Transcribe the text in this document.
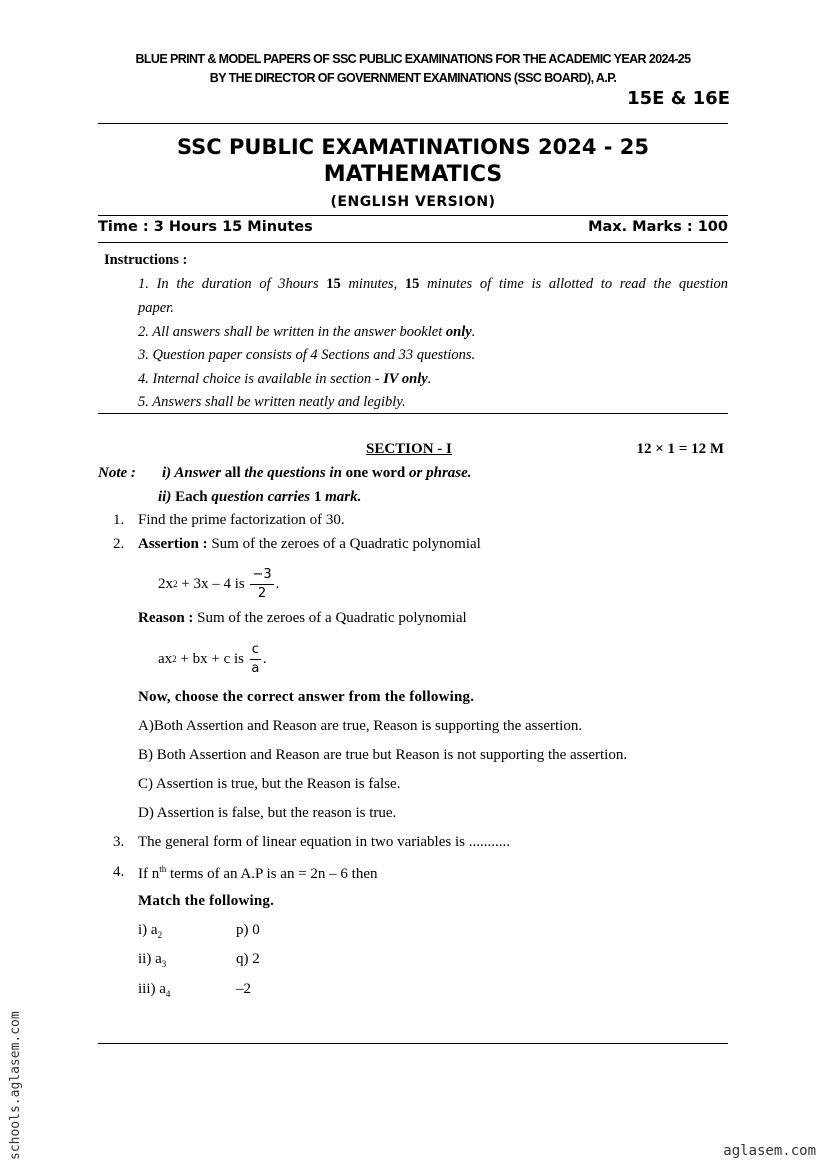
BLUE PRINT & MODEL PAPERS OF SSC PUBLIC EXAMINATIONS FOR THE ACADEMIC YEAR 2024-25
BY THE DIRECTOR OF GOVERNMENT EXAMINATIONS (SSC BOARD), A.P.
15E & 16E
SSC PUBLIC EXAMATINATIONS 2024 - 25
MATHEMATICS
(ENGLISH VERSION)
Time : 3 Hours 15 Minutes	Max. Marks : 100
Instructions :
1. In the duration of 3hours 15 minutes, 15 minutes of time is allotted to read the question
paper.
2. All answers shall be written in the answer booklet only.
3. Question paper consists of 4 Sections and 33 questions.
4. Internal choice is available in section - IV only.
5. Answers shall be written neatly and legibly.
SECTION - I	12 × 1 = 12 M
Note : i) Answer all the questions in one word or phrase.
ii) Each question carries 1 mark.
1. Find the prime factorization of 30.
2. Assertion : Sum of the zeroes of a Quadratic polynomial
2x 2 + 3x – 4 is $\frac{-3}{2}$ .
Reason : Sum of the zeroes of a Quadratic polynomial
ax 2 + bx + c is $\frac{c}{a}$ .
Now, choose the correct answer from the following.
A)Both Assertion and Reason are true, Reason is supporting the assertion.
B) Both Assertion and Reason are true but Reason is not supporting the assertion.
C) Assertion is true, but the Reason is false.
D) Assertion is false, but the reason is true.
3. The general form of linear equation in two variables is ...........
4. If $n^{th}$ terms of an A.P is an = 2n – 6 then
Match the following.
i) $a_2$	p) 0
ii) $a_3$	q) 2
iii) $a_4$	–2
schools.aglasem.com	aglasem.com
